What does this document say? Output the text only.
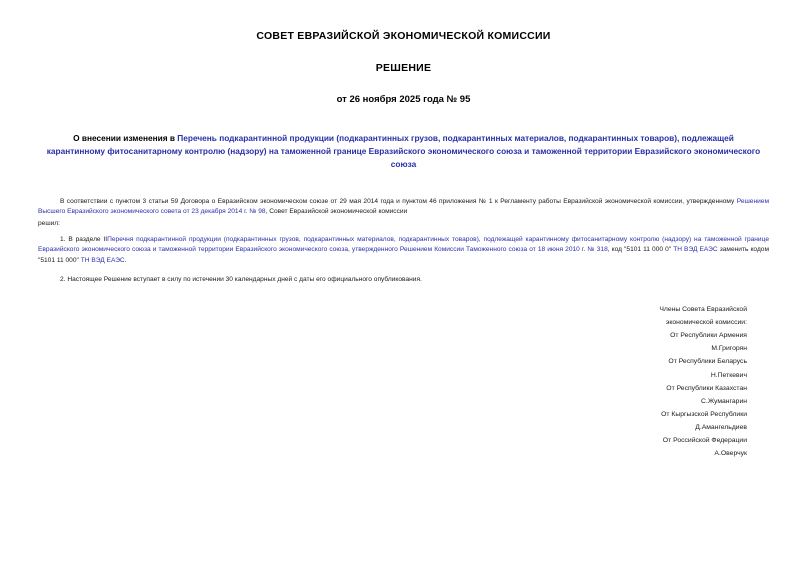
СОВЕТ ЕВРАЗИЙСКОЙ ЭКОНОМИЧЕСКОЙ КОМИССИИ
РЕШЕНИЕ
от 26 ноября 2025 года № 95
О внесении изменения в Перечень подкарантинной продукции (подкарантинных грузов, подкарантинных материалов, подкарантинных товаров), подлежащей карантинному фитосанитарному контролю (надзору) на таможенной границе Евразийского экономического союза и таможенной территории Евразийского экономического союза

В соответствии с пунктом 3 статьи 59 Договора о Евразийском экономическом союзе от 29 мая 2014 года и пунктом 46 приложения № 1 к Регламенту работы Евразийской экономической комиссии, утвержденному Решением Высшего Евразийского экономического совета от 23 декабря 2014 г. № 98, Совет Евразийской экономической комиссии

решил:

1. В разделе IIПеречня подкарантинной продукции (подкарантинных грузов, подкарантинных материалов, подкарантинных товаров), подлежащей карантинному фитосанитарному контролю (надзору) на таможенной границе Евразийского экономического союза и таможенной территории Евразийского экономического союза, утвержденного Решением Комиссии Таможенного союза от 18 июня 2010 г. № 318, код "5101 11 000 0" ТН ВЭД ЕАЭС заменить кодом "5101 11 000" ТН ВЭД ЕАЭС.

2. Настоящее Решение вступает в силу по истечении 30 календарных дней с даты его официального опубликования.

Члены Совета Евразийской
экономической комиссии:
От Республики Армения
М.Григорян
От Республики Беларусь
Н.Петкевич
От Республики Казахстан
С.Жумангарин
От Кыргызской Республики
Д.Амангельдиев
От Российской Федерации
А.Оверчук
